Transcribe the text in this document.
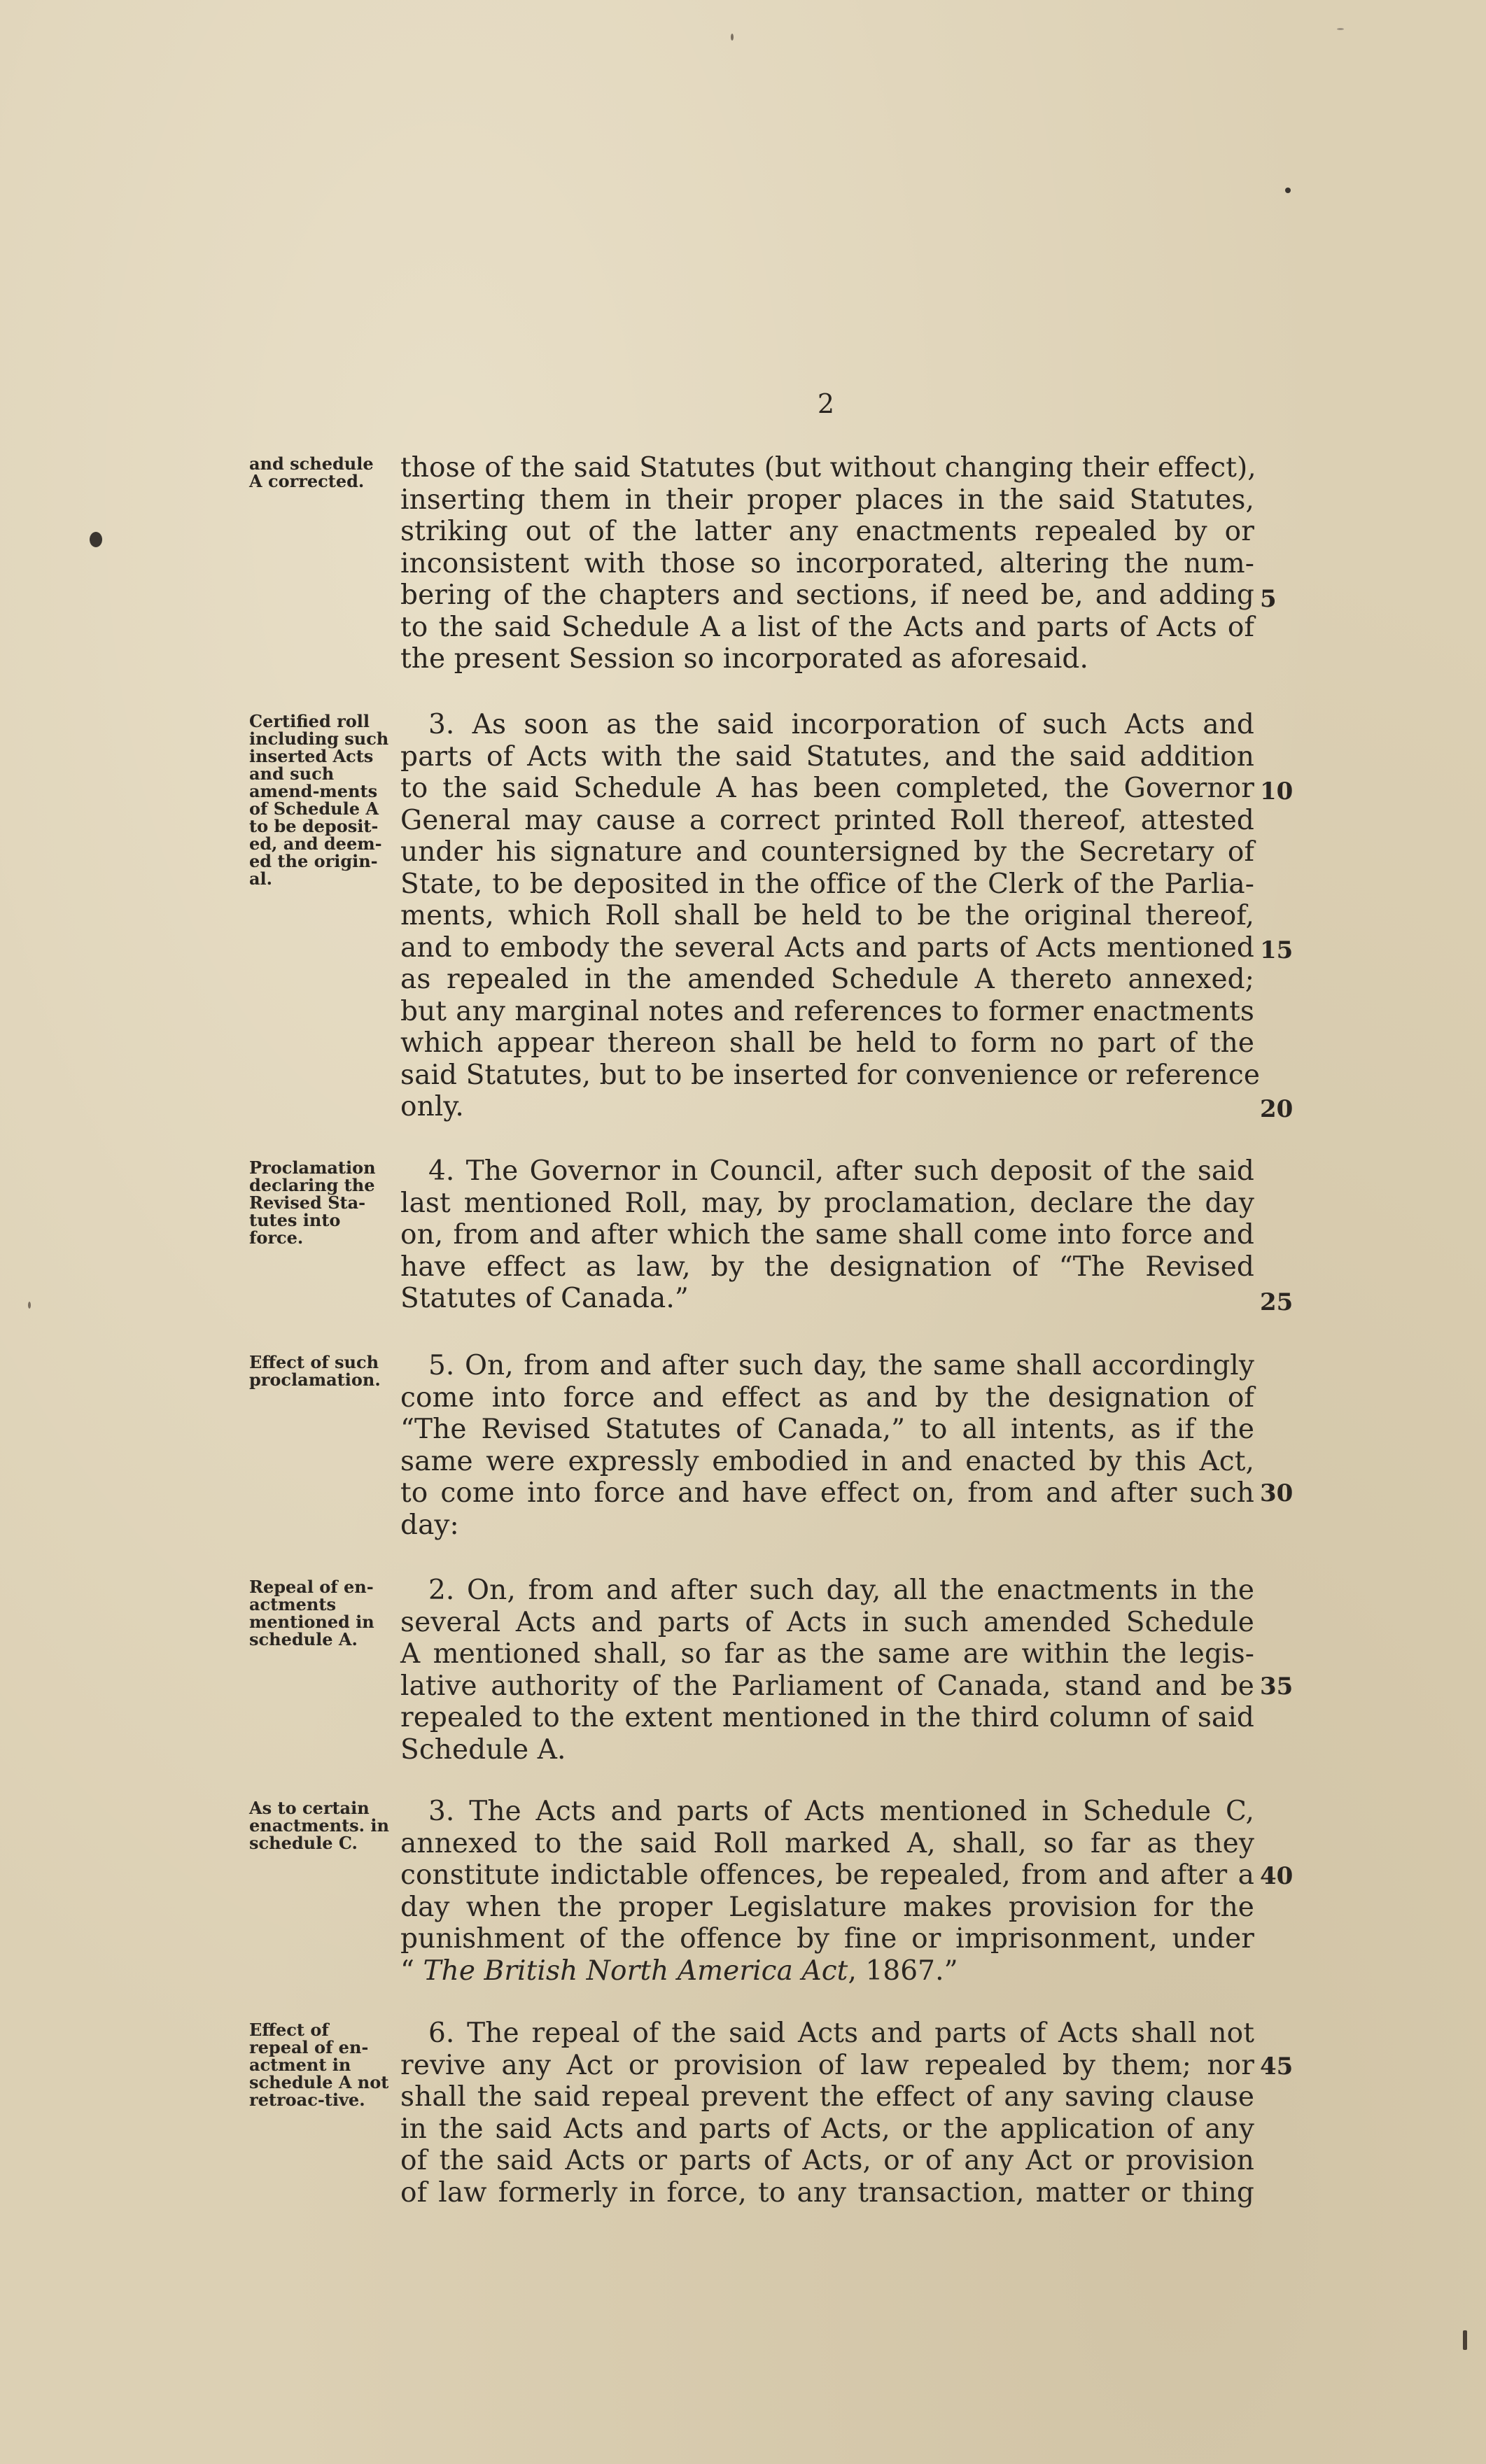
2
and schedule A corrected.	those of the said Statutes (but without changing their effect),
inserting them in their proper places in the said Statutes,
striking out of the latter any enactments repealed by or
inconsistent with those so incorporated, altering the num-
bering of the chapters and sections, if need be, and adding
to the said Schedule A a list of the Acts and parts of Acts of
the present Session so incorporated as aforesaid.
5
Certified roll including such inserted Acts and such amend-ments of Schedule A to be deposit-ed, and deem-ed the origin-al.
3. As soon as the said incorporation of such Acts and
parts of Acts with the said Statutes, and the said addition
to the said Schedule A has been completed, the Governor
General may cause a correct printed Roll thereof, attested
under his signature and countersigned by the Secretary of
State, to be deposited in the office of the Clerk of the Parlia-
ments, which Roll shall be held to be the original thereof,
and to embody the several Acts and parts of Acts mentioned
as repealed in the amended Schedule A thereto annexed;
but any marginal notes and references to former enactments
which appear thereon shall be held to form no part of the
said Statutes, but to be inserted for convenience or reference
only.
10
15
20
Proclamation declaring the Revised Sta-tutes into force.
4. The Governor in Council, after such deposit of the said
last mentioned Roll, may, by proclamation, declare the day
on, from and after which the same shall come into force and
have effect as law, by the designation of “The Revised
Statutes of Canada.”	25
Effect of such proclamation.	5. On, from and after such day, the same shall accordingly
come into force and effect as and by the designation of
“The Revised Statutes of Canada,” to all intents, as if the
same were expressly embodied in and enacted by this Act,
to come into force and have effect on, from and after such
day:
30
Repeal of en-actments mentioned in schedule A.
2. On, from and after such day, all the enactments in the
several Acts and parts of Acts in such amended Schedule
A mentioned shall, so far as the same are within the legis-
lative authority of the Parliament of Canada, stand and be
repealed to the extent mentioned in the third column of said
Schedule A.
35
As to certain enactments. in schedule C.
3. The Acts and parts of Acts mentioned in Schedule C,
annexed to the said Roll marked A, shall, so far as they
constitute indictable offences, be repealed, from and after a
day when the proper Legislature makes provision for the
punishment of the offence by fine or imprisonment, under
“ The British North America Act, 1867.”
40
Effect of repeal of en-actment in schedule A not retroac-tive.
6. The repeal of the said Acts and parts of Acts shall not
revive any Act or provision of law repealed by them; nor
shall the said repeal prevent the effect of any saving clause
in the said Acts and parts of Acts, or the application of any
of the said Acts or parts of Acts, or of any Act or provision
of law formerly in force, to any transaction, matter or thing
45
